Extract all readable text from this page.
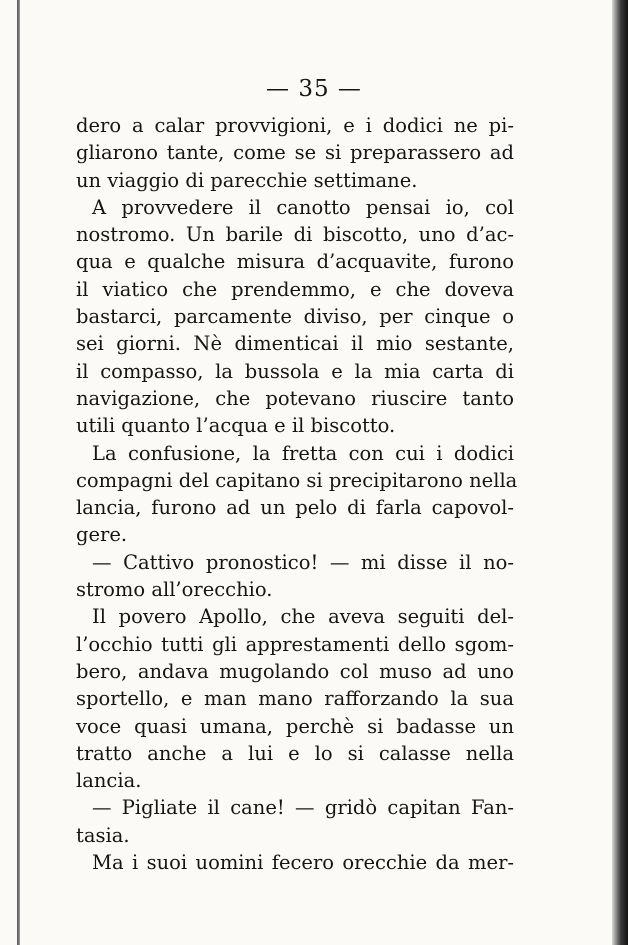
— 35 —
dero a calar provvigioni, e i dodici ne pi-
gliarono tante, come se si preparassero ad
un viaggio di parecchie settimane.
A provvedere il canotto pensai io, col
nostromo. Un barile di biscotto, uno d’ac-
qua e qualche misura d’acquavite, furono
il viatico che prendemmo, e che doveva
bastarci, parcamente diviso, per cinque o
sei giorni. Nè dimenticai il mio sestante,
il compasso, la bussola e la mia carta di
navigazione, che potevano riuscire tanto
utili quanto l’acqua e il biscotto.
La confusione, la fretta con cui i dodici
compagni del capitano si precipitarono nella
lancia, furono ad un pelo di farla capovol-
gere.
— Cattivo pronostico! — mi disse il no-
stromo all’orecchio.
Il povero Apollo, che aveva seguiti del-
l’occhio tutti gli apprestamenti dello sgom-
bero, andava mugolando col muso ad uno
sportello, e man mano rafforzando la sua
voce quasi umana, perchè si badasse un
tratto anche a lui e lo si calasse nella
lancia.
— Pigliate il cane! — gridò capitan Fan-
tasia.
Ma i suoi uomini fecero orecchie da mer-
